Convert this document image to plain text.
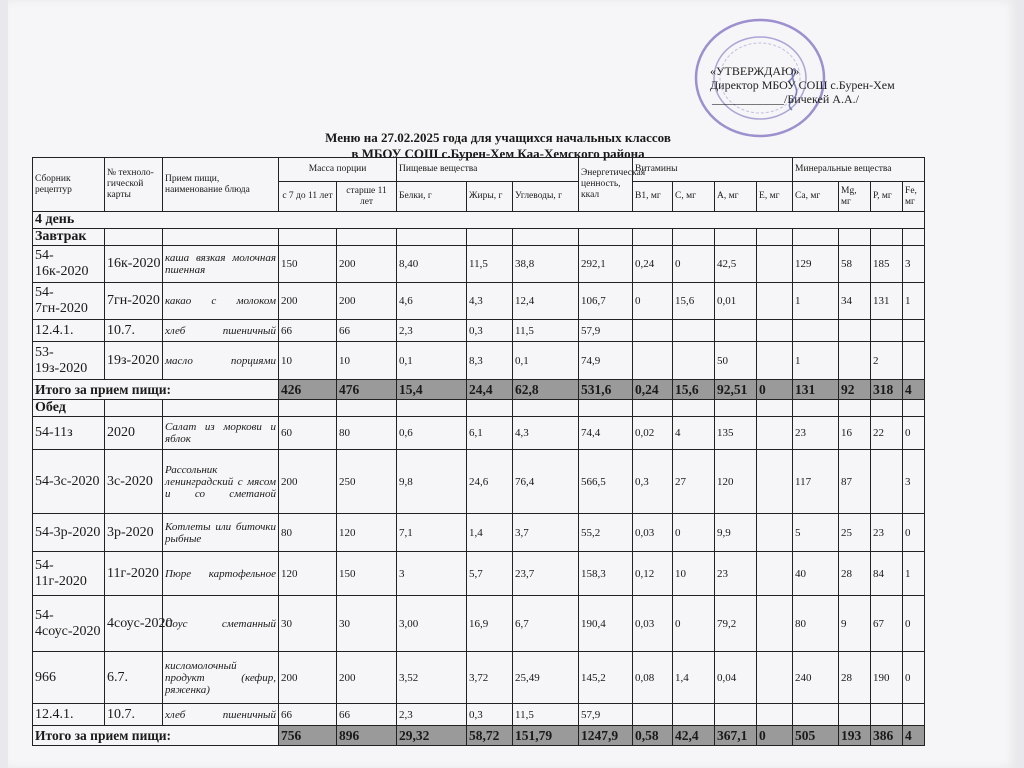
«УТВЕРЖДАЮ»
Директор МБОУ СОШ с.Бурен-Хем
____________/Бичекей А.А./
Меню на 27.02.2025 года для учащихся начальных классов
в МБОУ СОШ с.Бурен-Хем Каа-Хемского района
Сборник рецептур	№ техноло-гической карты	Прием пищи, наименование блюда	Масса порции		Пищевые вещества			Энергетическая ценность, ккал	Витамины				Минеральные вещества				
			с 7 до 11 лет	старше 11 лет	Белки, г	Жиры, г	Углеводы, г		В1, мг	С, мг	А, мг	Е, мг	Са, мг	Mg, мг	Р, мг	Fe, мг	
4 день																	
Завтрак																	
54-16к-2020	16к-2020	каша вязкая молочная пшенная	150	200	8,40	11,5	38,8	292,1	0,24	0	42,5		129	58	185	3	
54-7гн-2020	7гн-2020	какао с молоком	200	200	4,6	4,3	12,4	106,7	0	15,6	0,01		1	34	131	1	
12.4.1.	10.7.	хлеб пшеничный	66	66	2,3	0,3	11,5	57,9									
53-19з-2020	19з-2020	масло порциями	10	10	0,1	8,3	0,1	74,9			50		1		2		
Итого за прием пищи:			426	476	15,4	24,4	62,8	531,6	0,24	15,6	92,51	0	131	92	318	4	
Обед																	
54-11з	2020	Салат из моркови и яблок	60	80	0,6	6,1	4,3	74,4	0,02	4	135		23	16	22	0	
54-3с-2020	3с-2020	Рассольник ленинградский с мясом и со сметаной	200	250	9,8	24,6	76,4	566,5	0,3	27	120		117	87		3	
54-3р-2020	3р-2020	Котлеты или биточки рыбные	80	120	7,1	1,4	3,7	55,2	0,03	0	9,9		5	25	23	0	
54-11г-2020	11г-2020	Пюре картофельное	120	150	3	5,7	23,7	158,3	0,12	10	23		40	28	84	1	
54-4соус-2020	4соус-2020	Соус сметанный	30	30	3,00	16,9	6,7	190,4	0,03	0	79,2		80	9	67	0	
966	6.7.	кисломолочный продукт (кефир, ряженка)	200	200	3,52	3,72	25,49	145,2	0,08	1,4	0,04		240	28	190	0	
12.4.1.	10.7.	хлеб пшеничный	66	66	2,3	0,3	11,5	57,9									
Итого за прием пищи:			756	896	29,32	58,72	151,79	1247,9	0,58	42,4	367,1	0	505	193	386	4	
